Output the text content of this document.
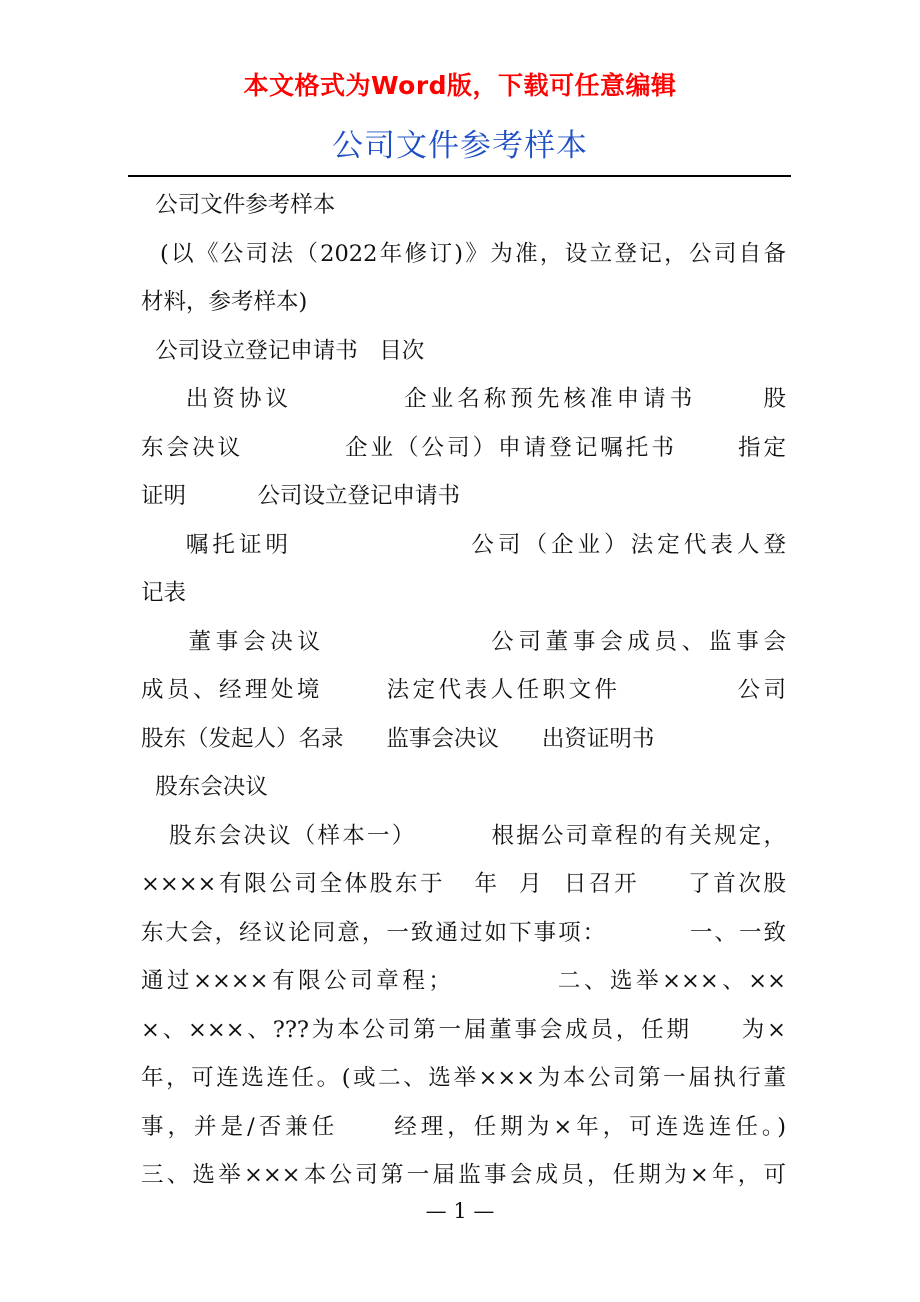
本文格式为Word版，下载可任意编辑
公司文件参考样本
公司文件参考样本
(以《公司法（2022年修订)》为准，设立登记，公司自备
材料，参考样本)
公司设立登记申请书   目次
出资协议          企业名称预先核准申请书      股
东会决议          企业（公司）申请登记嘱托书      指定
证明          公司设立登记申请书
嘱托证明                公司（企业）法定代表人登
记表
董事会决议              公司董事会成员、监事会
成员、经理处境      法定代表人任职文件           公司
股东（发起人）名录      监事会决议      出资证明书
股东会决议
股东会决议（样本一）        根据公司章程的有关规定，
××××有限公司全体股东于   年  月  日召开     了首次股
东大会，经议论同意，一致通过如下事项：         一、一致
通过××××有限公司章程；          二、选举×××、××
×、×××、???为本公司第一届董事会成员，任期     为×
年，可连选连任。(或二、选举×××为本公司第一届执行董
事，并是/否兼任     经理，任期为×年，可连选连任。)
三、选举×××本公司第一届监事会成员，任期为×年，可
— 1 —
